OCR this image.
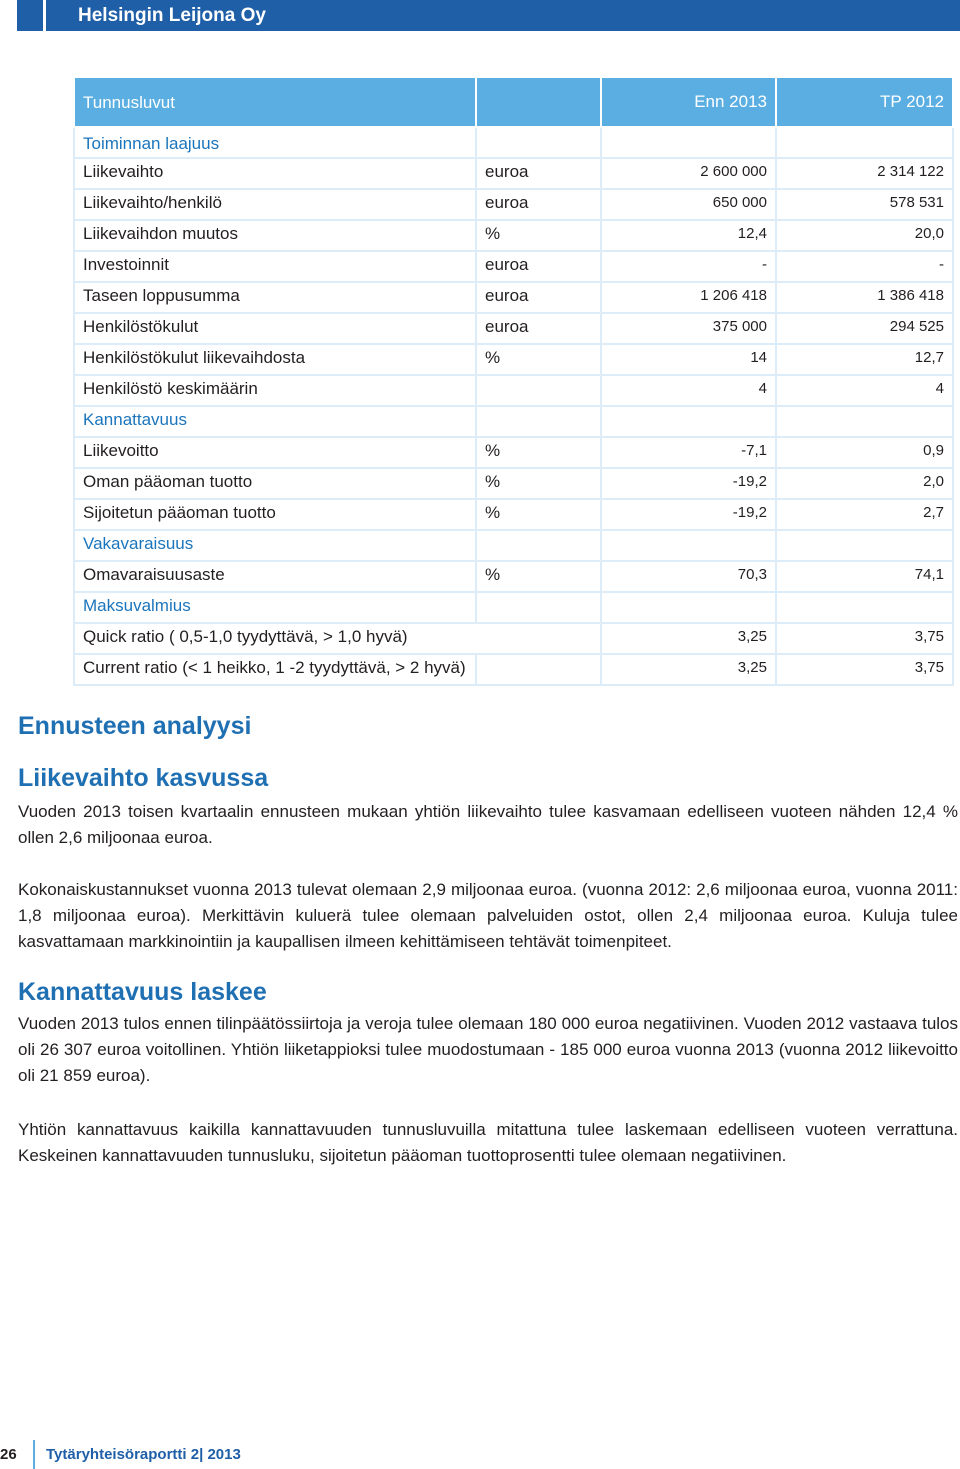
Helsingin Leijona Oy
Tunnusluvut		Enn 2013	TP 2012
Toiminnan laajuus			
Liikevaihto	euroa	2 600 000	2 314 122
Liikevaihto/henkilö	euroa	650 000	578 531
Liikevaihdon muutos	%	12,4	20,0
Investoinnit	euroa	-	-
Taseen loppusumma	euroa	1 206 418	1 386 418
Henkilöstökulut	euroa	375 000	294 525
Henkilöstökulut liikevaihdosta	%	14	12,7
Henkilöstö keskimäärin		4	4
Kannattavuus			
Liikevoitto	%	-7,1	0,9
Oman pääoman tuotto	%	-19,2	2,0
Sijoitetun pääoman tuotto	%	-19,2	2,7
Vakavaraisuus			
Omavaraisuusaste	%	70,3	74,1
Maksuvalmius			
Quick ratio ( 0,5-1,0 tyydyttävä, > 1,0 hyvä)		3,25	3,75
Current ratio (< 1 heikko, 1 -2 tyydyttävä, > 2 hyvä)		3,25	3,75
Ennusteen analyysi
Liikevaihto kasvussa
Vuoden 2013 toisen kvartaalin ennusteen mukaan yhtiön liikevaihto tulee kasvamaan edelliseen vuoteen nähden 12,4 % ollen 2,6 miljoonaa euroa.
Kokonaiskustannukset vuonna 2013 tulevat olemaan 2,9 miljoonaa euroa. (vuonna 2012: 2,6 miljoonaa euroa, vuonna 2011: 1,8 miljoonaa euroa). Merkittävin kuluerä tulee olemaan palveluiden ostot, ollen 2,4 miljoonaa euroa. Kuluja tulee kasvattamaan markkinointiin ja kaupallisen ilmeen kehittämiseen tehtävät toimenpiteet.
Kannattavuus laskee
Vuoden 2013 tulos ennen tilinpäätössiirtoja ja veroja tulee olemaan 180 000 euroa negatiivinen. Vuoden 2012 vastaava tulos oli 26 307 euroa voitollinen. Yhtiön liiketappioksi tulee muodostumaan - 185 000 euroa vuonna 2013 (vuonna 2012 liikevoitto oli 21 859 euroa).
Yhtiön kannattavuus kaikilla kannattavuuden tunnusluvuilla mitattuna tulee laskemaan edelliseen vuoteen verrattuna. Keskeinen kannattavuuden tunnusluku, sijoitetun pääoman tuottoprosentti tulee olemaan negatiivinen.
26 Tytäryhteisöraportti 2| 2013
